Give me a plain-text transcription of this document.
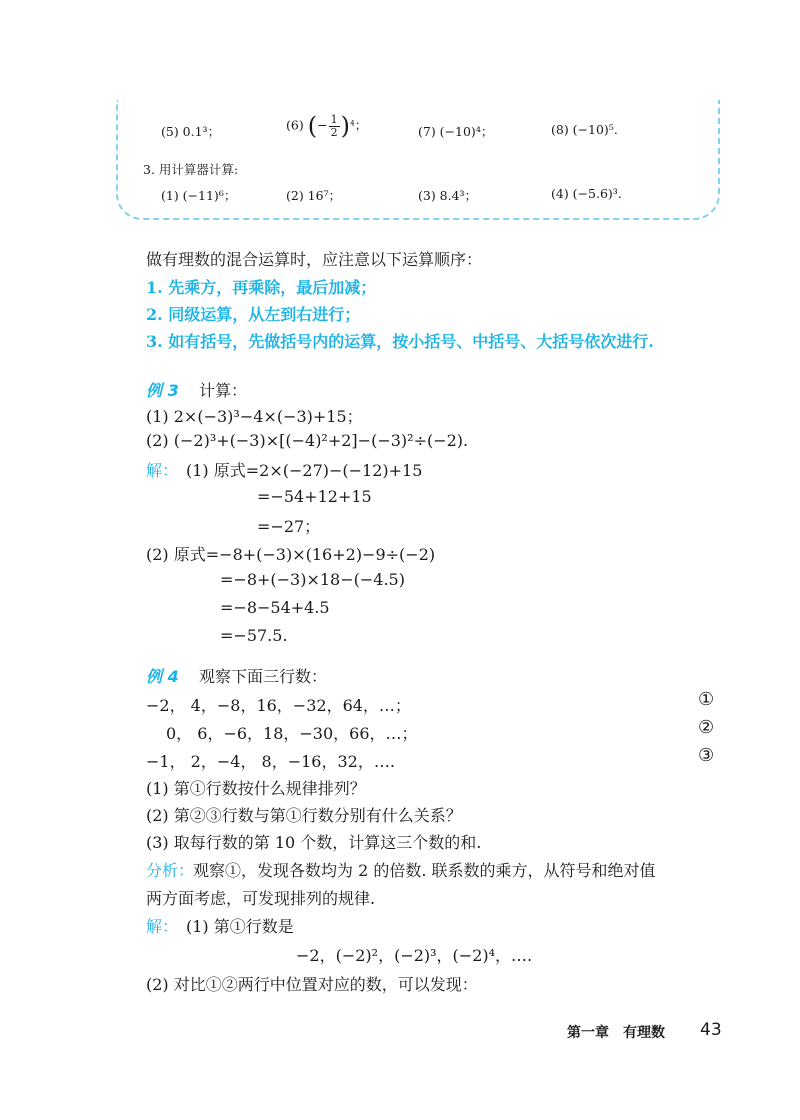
(5) 0.1³；	(6) (− $\frac{1}{2} )^4$；	(7) (−10)⁴；	(8) (−10)⁵.
3. 用计算器计算:
(1) (−11)⁶；	(2) 16⁷；	(3) 8.4³；	(4) (−5.6)³.
做有理数的混合运算时，应注意以下运算顺序：
1. 先乘方，再乘除，最后加减；
2. 同级运算，从左到右进行；
3. 如有括号，先做括号内的运算，按小括号、中括号、大括号依次进行.
例 3 计算：
(1) 2×(−3)³−4×(−3)+15；
(2) (−2)³+(−3)×[(−4)²+2]−(−3)²÷(−2).
解： (1) 原式=2×(−27)−(−12)+15
=−54+12+15
=−27；
(2) 原式=−8+(−3)×(16+2)−9÷(−2)
=−8+(−3)×18−(−4.5)
=−8−54+4.5
=−57.5.
例 4 观察下面三行数：
−2， 4，−8，16，−32，64，…；	①
0， 6，−6，18，−30，66，…；	②
−1， 2，−4， 8，−16，32，….	③
(1) 第①行数按什么规律排列？
(2) 第②③行数与第①行数分别有什么关系？
(3) 取每行数的第 10 个数，计算这三个数的和.
分析：
观察①，发现各数均为 2 的倍数. 联系数的乘方，从符号和绝对值
两方面考虑，可发现排列的规律.
解： (1) 第①行数是
−2，(−2)²，(−2)³，(−2)⁴，….
(2) 对比①②两行中位置对应的数，可以发现：
第一章　有理数 43
